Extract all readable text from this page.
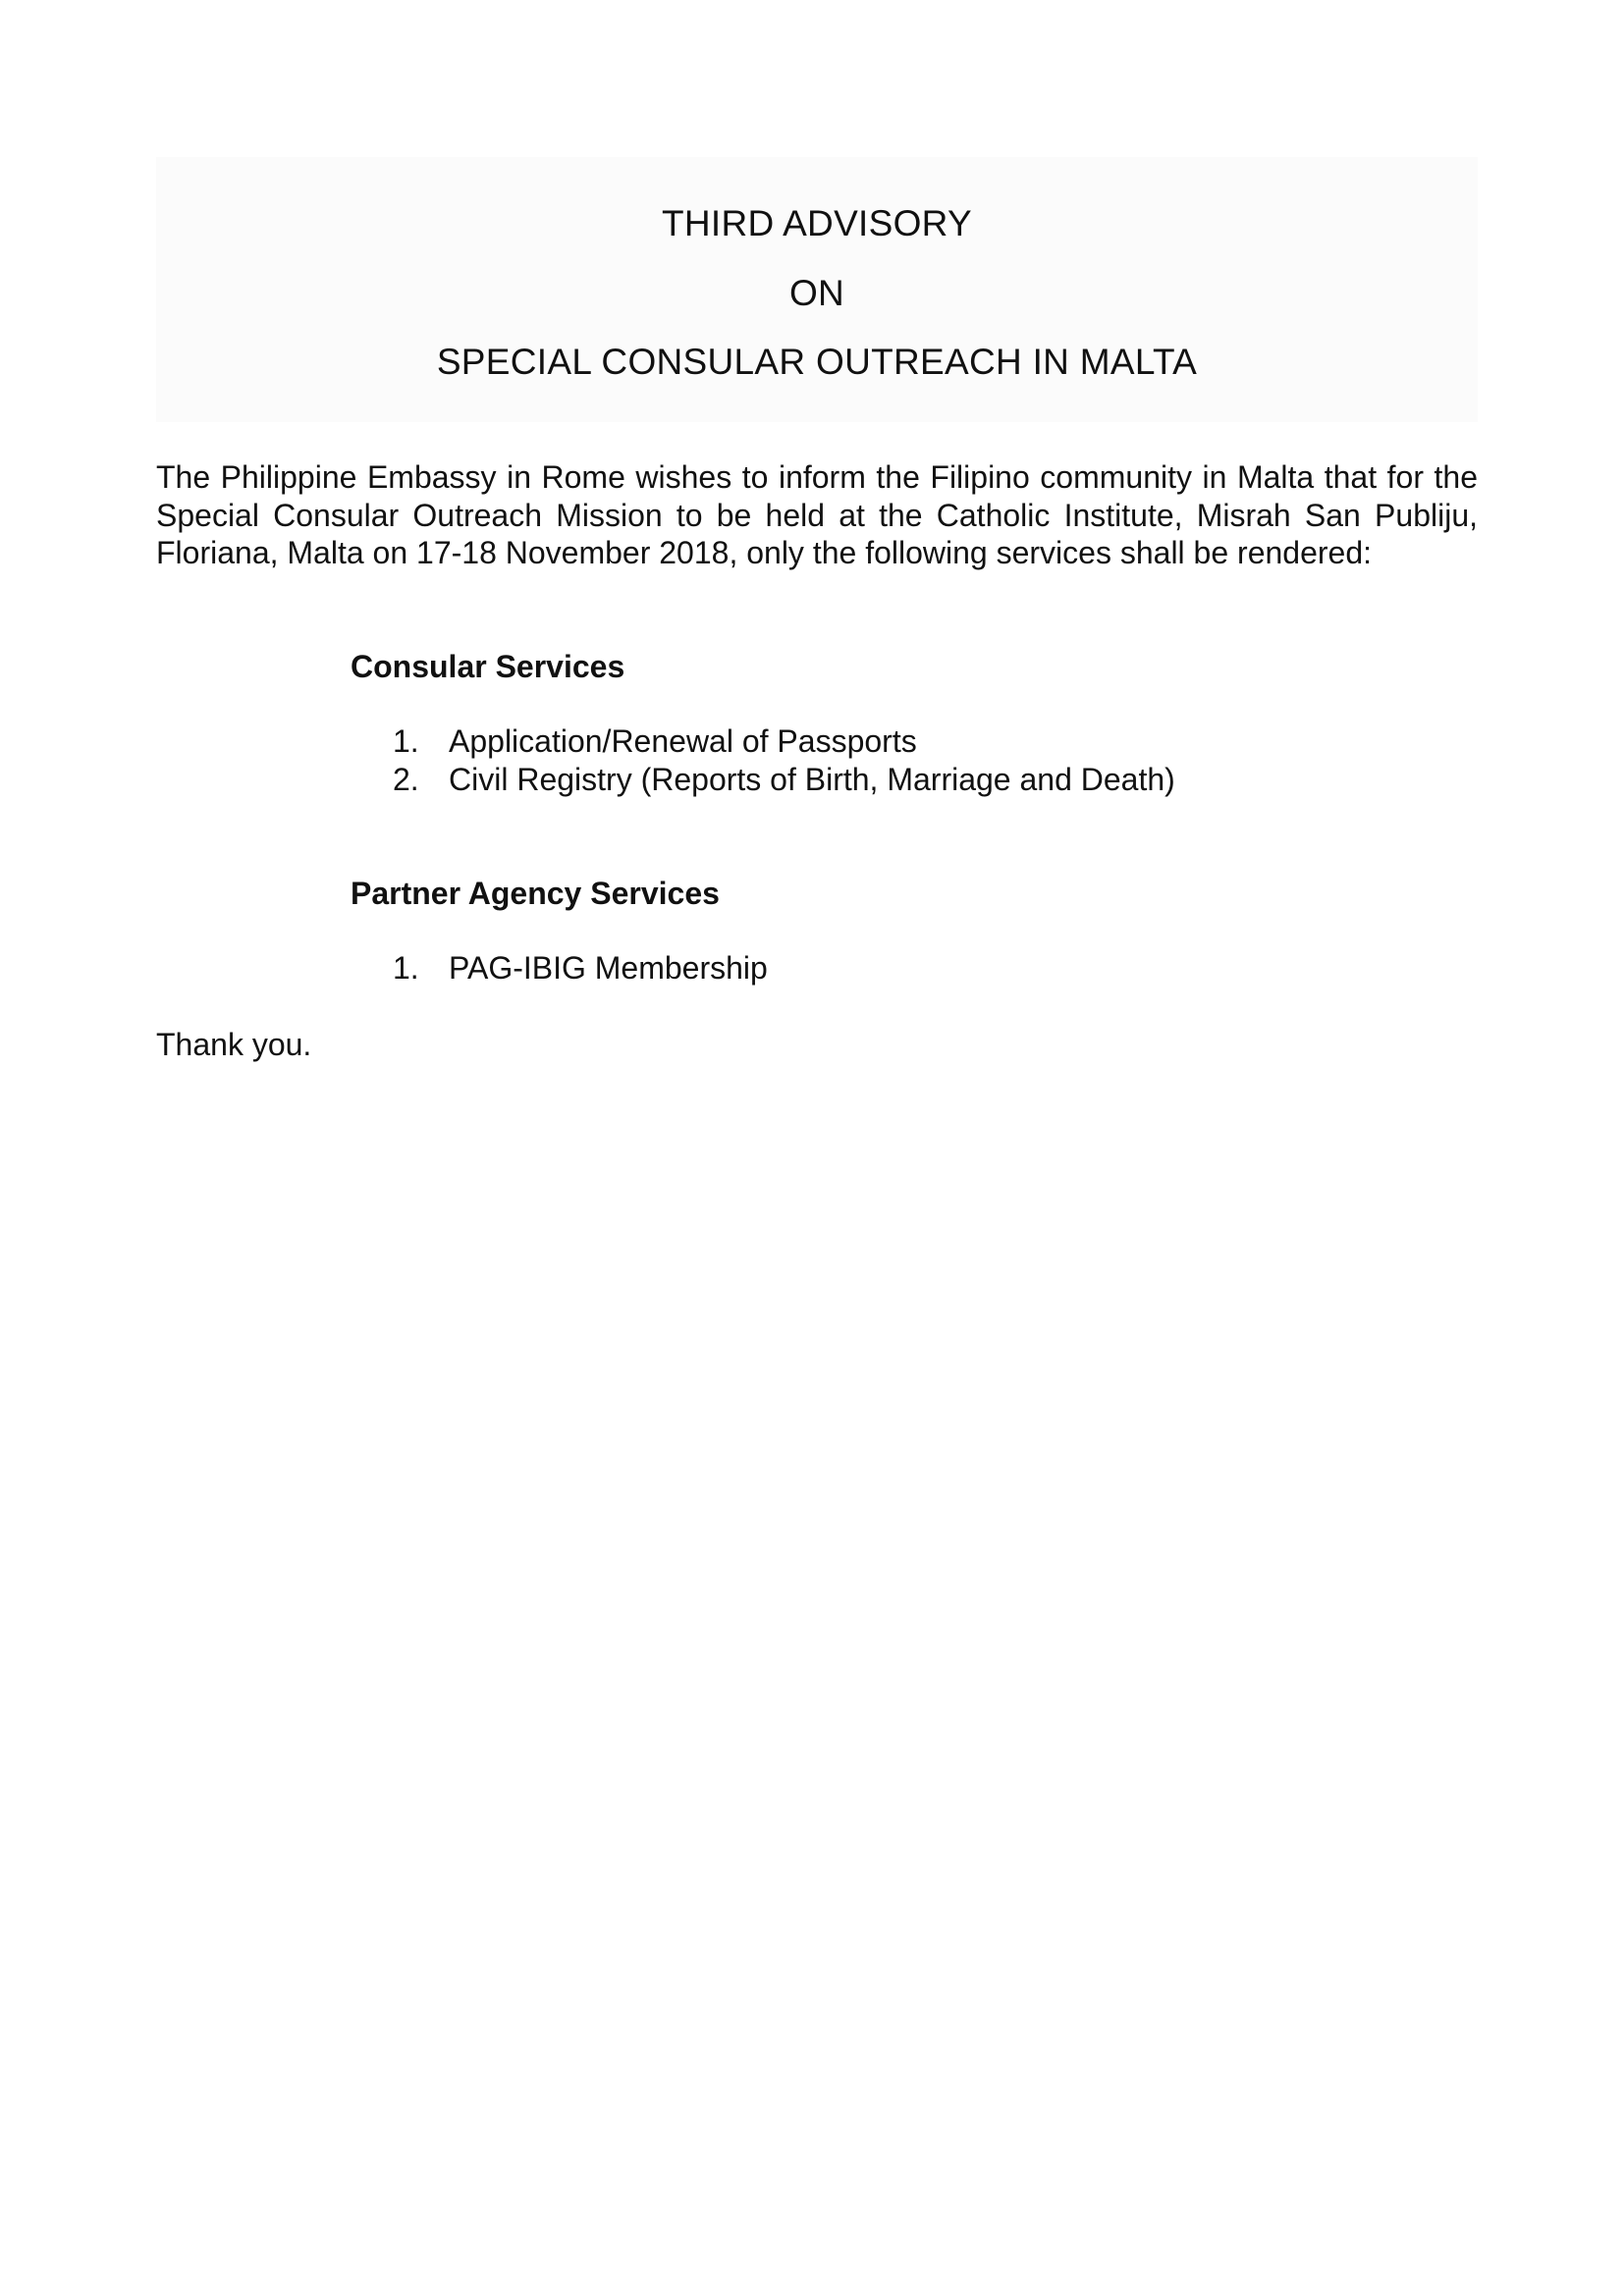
THIRD ADVISORY
ON
SPECIAL CONSULAR OUTREACH IN MALTA

The Philippine Embassy in Rome wishes to inform the Filipino community in Malta that for the Special Consular Outreach Mission to be held at the Catholic Institute, Misrah San Publiju, Floriana, Malta on 17-18 November 2018, only the following services shall be rendered:

Consular Services

1. Application/Renewal of Passports
2. Civil Registry (Reports of Birth, Marriage and Death)

Partner Agency Services

1. PAG-IBIG Membership

Thank you.
